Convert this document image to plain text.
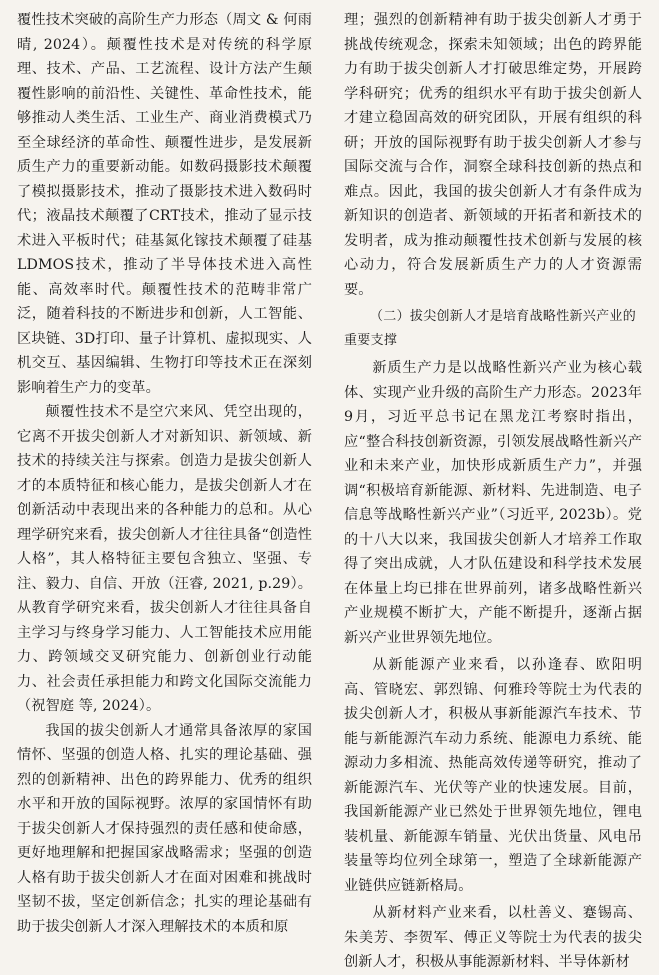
覆性技术突破的高阶生产力形态（周文 & 何雨晴, 2024）。颠覆性技术是对传统的科学原理、技术、产品、工艺流程、设计方法产生颠覆性影响的前沿性、关键性、革命性技术，能够推动人类生活、工业生产、商业消费模式乃至全球经济的革命性、颠覆性进步，是发展新质生产力的重要新动能。如数码摄影技术颠覆了模拟摄影技术，推动了摄影技术进入数码时代；液晶技术颠覆了CRT技术，推动了显示技术进入平板时代；硅基氮化镓技术颠覆了硅基LDMOS技术，推动了半导体技术进入高性能、高效率时代。颠覆性技术的范畴非常广泛，随着科技的不断进步和创新，人工智能、区块链、3D打印、量子计算机、虚拟现实、人机交互、基因编辑、生物打印等技术正在深刻影响着生产力的变革。

颠覆性技术不是空穴来风、凭空出现的，它离不开拔尖创新人才对新知识、新领域、新技术的持续关注与探索。创造力是拔尖创新人才的本质特征和核心能力，是拔尖创新人才在创新活动中表现出来的各种能力的总和。从心理学研究来看，拔尖创新人才往往具备“创造性人格”，其人格特征主要包含独立、坚强、专注、毅力、自信、开放（汪睿, 2021, p.29）。从教育学研究来看，拔尖创新人才往往具备自主学习与终身学习能力、人工智能技术应用能力、跨领域交叉研究能力、创新创业行动能力、社会责任承担能力和跨文化国际交流能力（祝智庭 等, 2024）。

我国的拔尖创新人才通常具备浓厚的家国情怀、坚强的创造人格、扎实的理论基础、强烈的创新精神、出色的跨界能力、优秀的组织水平和开放的国际视野。浓厚的家国情怀有助于拔尖创新人才保持强烈的责任感和使命感，更好地理解和把握国家战略需求；坚强的创造人格有助于拔尖创新人才在面对困难和挑战时坚韧不拔，坚定创新信念；扎实的理论基础有助于拔尖创新人才深入理解技术的本质和原

理；强烈的创新精神有助于拔尖创新人才勇于挑战传统观念，探索未知领域；出色的跨界能力有助于拔尖创新人才打破思维定势，开展跨学科研究；优秀的组织水平有助于拔尖创新人才建立稳固高效的研究团队，开展有组织的科研；开放的国际视野有助于拔尖创新人才参与国际交流与合作，洞察全球科技创新的热点和难点。因此，我国的拔尖创新人才有条件成为新知识的创造者、新领域的开拓者和新技术的发明者，成为推动颠覆性技术创新与发展的核心动力，符合发展新质生产力的人才资源需要。

（二）拔尖创新人才是培育战略性新兴产业的重要支撑

新质生产力是以战略性新兴产业为核心载体、实现产业升级的高阶生产力形态。2023年9月，习近平总书记在黑龙江考察时指出，应“整合科技创新资源，引领发展战略性新兴产业和未来产业，加快形成新质生产力”，并强调“积极培育新能源、新材料、先进制造、电子信息等战略性新兴产业”（习近平, 2023b）。党的十八大以来，我国拔尖创新人才培养工作取得了突出成就，人才队伍建设和科学技术发展在体量上均已排在世界前列，诸多战略性新兴产业规模不断扩大，产能不断提升，逐渐占据新兴产业世界领先地位。

从新能源产业来看，以孙逢春、欧阳明高、管晓宏、郭烈锦、何雅玲等院士为代表的拔尖创新人才，积极从事新能源汽车技术、节能与新能源汽车动力系统、能源电力系统、能源动力多相流、热能高效传递等研究，推动了新能源汽车、光伏等产业的快速发展。目前，我国新能源产业已然处于世界领先地位，锂电装机量、新能源车销量、光伏出货量、风电吊装量等均位列全球第一，塑造了全球新能源产业链供应链新格局。

从新材料产业来看，以杜善义、蹇锡高、朱美芳、李贺军、傅正义等院士为代表的拔尖创新人才，积极从事能源新材料、半导体新材
